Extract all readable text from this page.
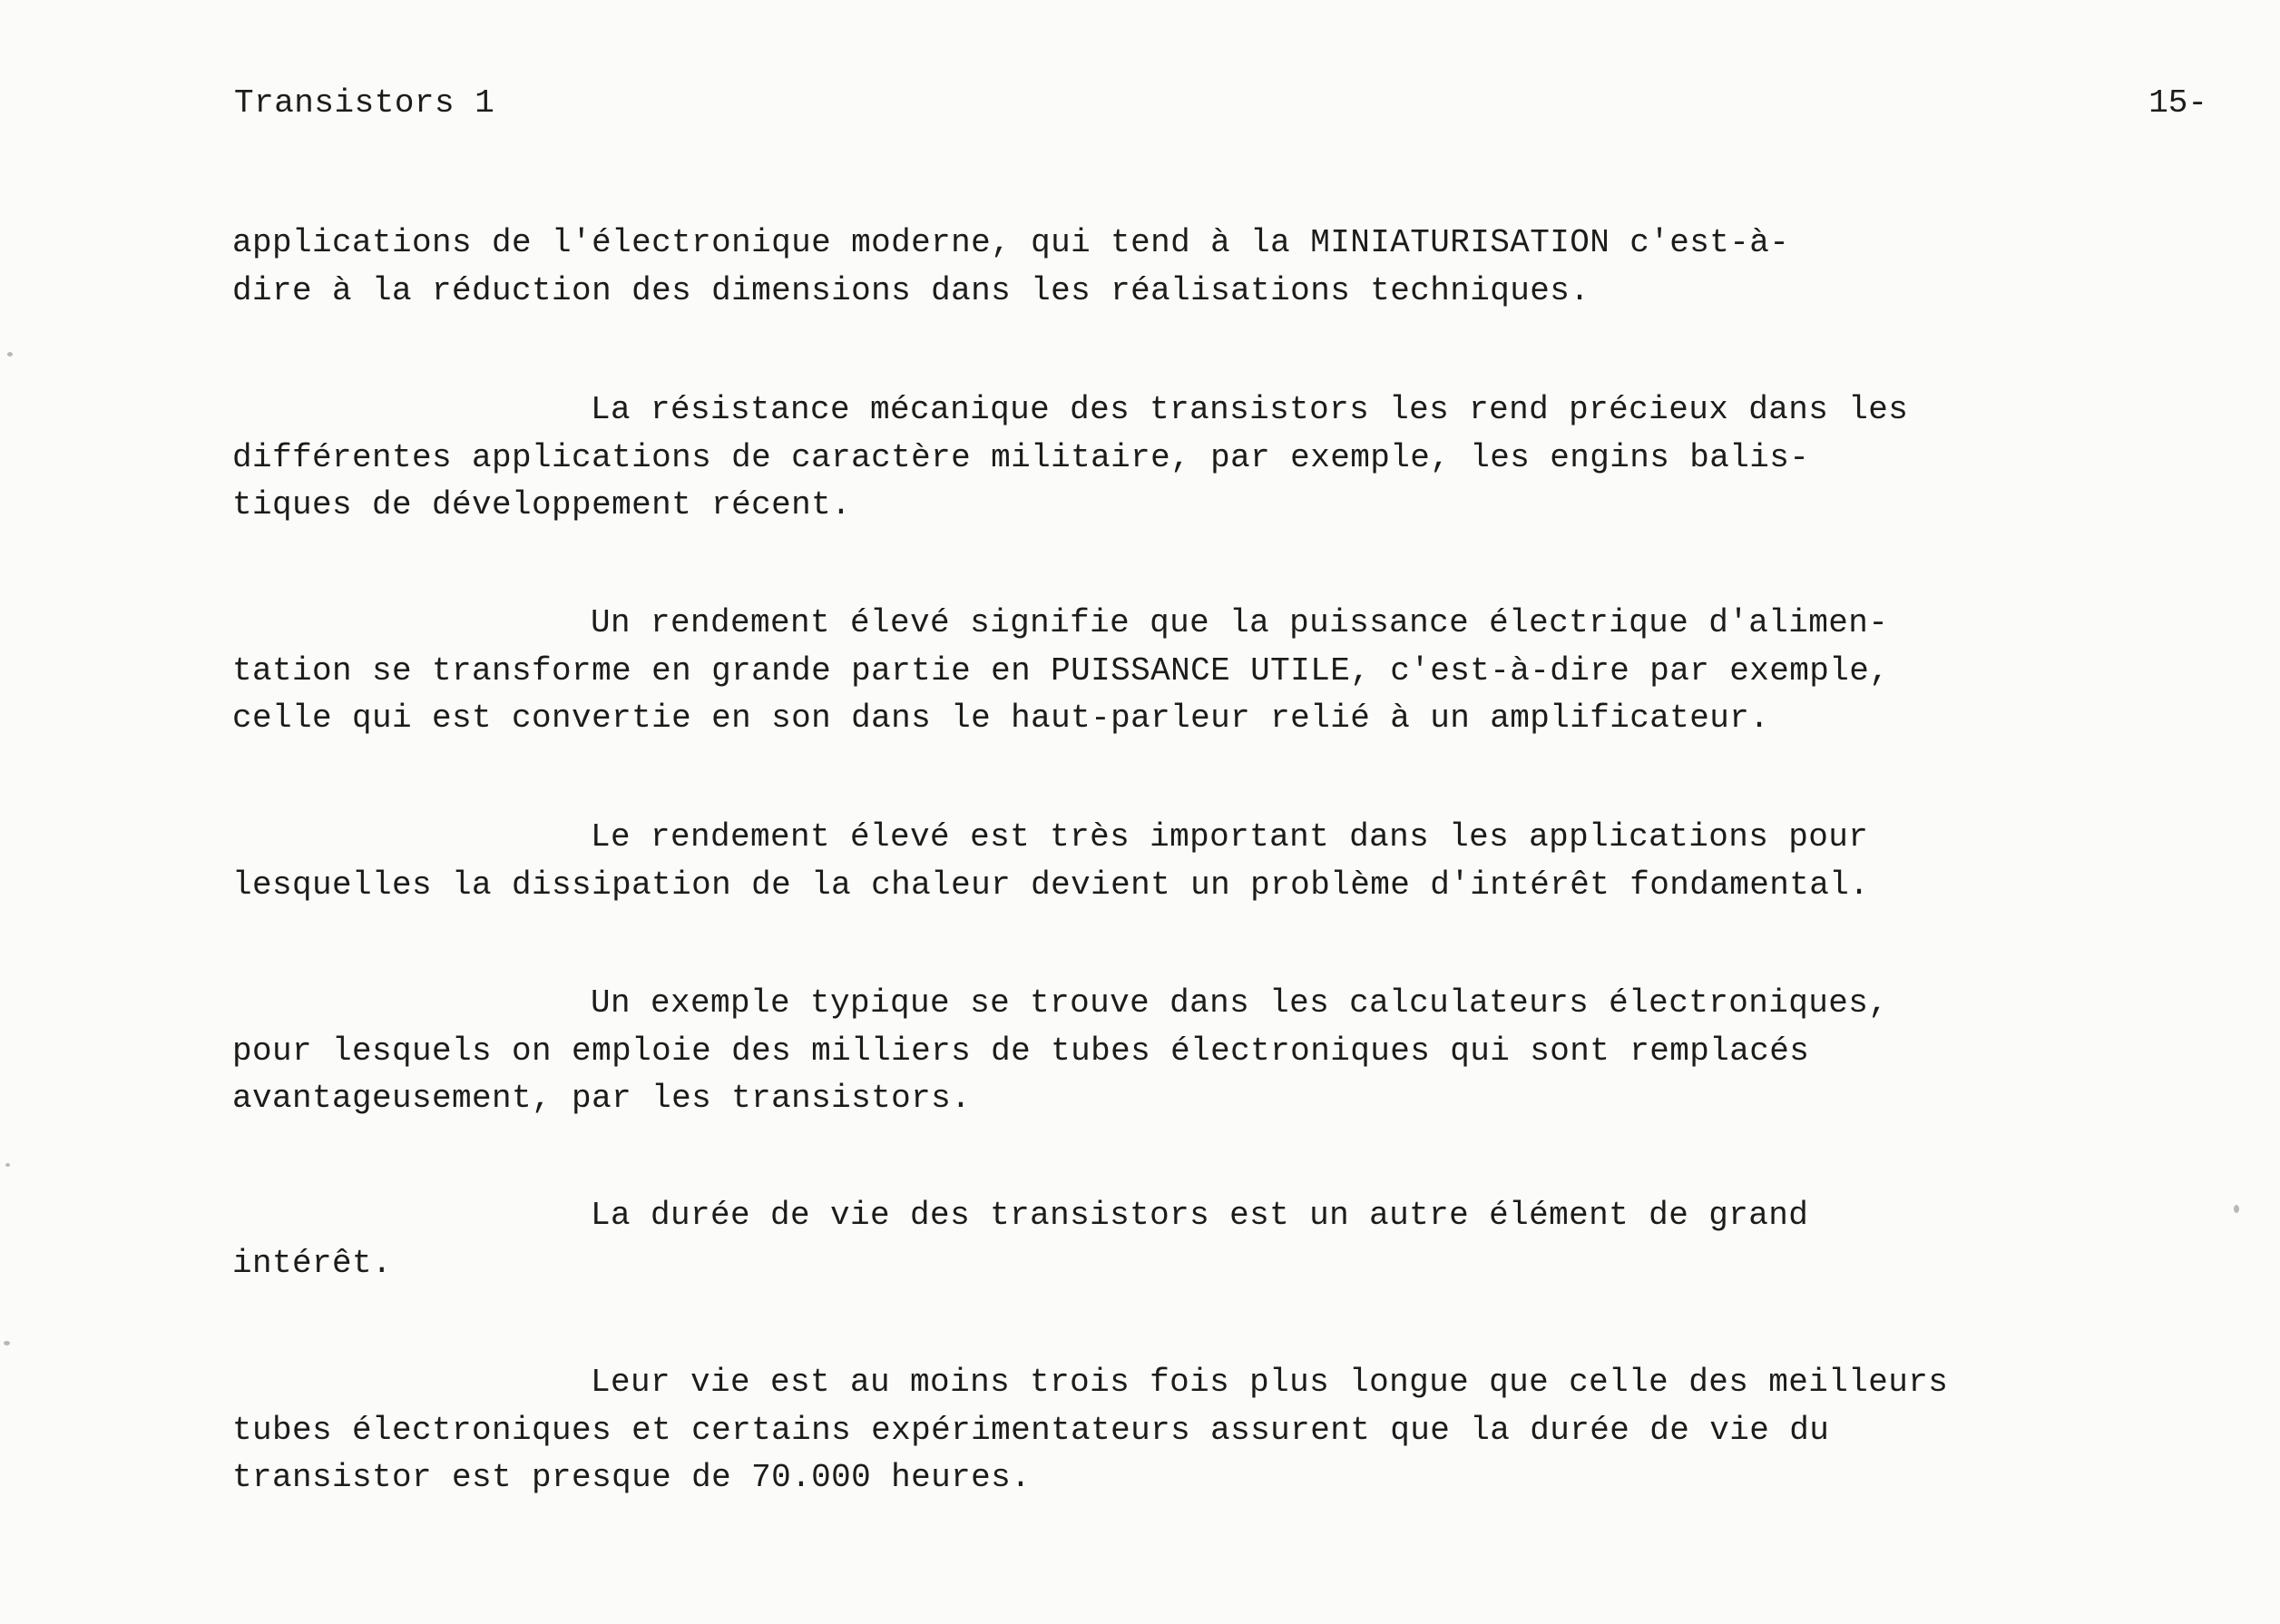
Transistors 1	15-
applications de l'électronique moderne, qui tend à la MINIATURISATION c'est-à-
dire à la réduction des dimensions dans les réalisations techniques.
La résistance mécanique des transistors les rend précieux dans les
différentes applications de caractère militaire, par exemple, les engins balis-
tiques de développement récent.
Un rendement élevé signifie que la puissance électrique d'alimen-
tation se transforme en grande partie en PUISSANCE UTILE, c'est-à-dire par exemple,
celle qui est convertie en son dans le haut-parleur relié à un amplificateur.
Le rendement élevé est très important dans les applications pour
lesquelles la dissipation de la chaleur devient un problème d'intérêt fondamental.
Un exemple typique se trouve dans les calculateurs électroniques,
pour lesquels on emploie des milliers de tubes électroniques qui sont remplacés
avantageusement, par les transistors.
La durée de vie des transistors est un autre élément de grand
intérêt.
Leur vie est au moins trois fois plus longue que celle des meilleurs
tubes électroniques et certains expérimentateurs assurent que la durée de vie du
transistor est presque de 70.000 heures.
